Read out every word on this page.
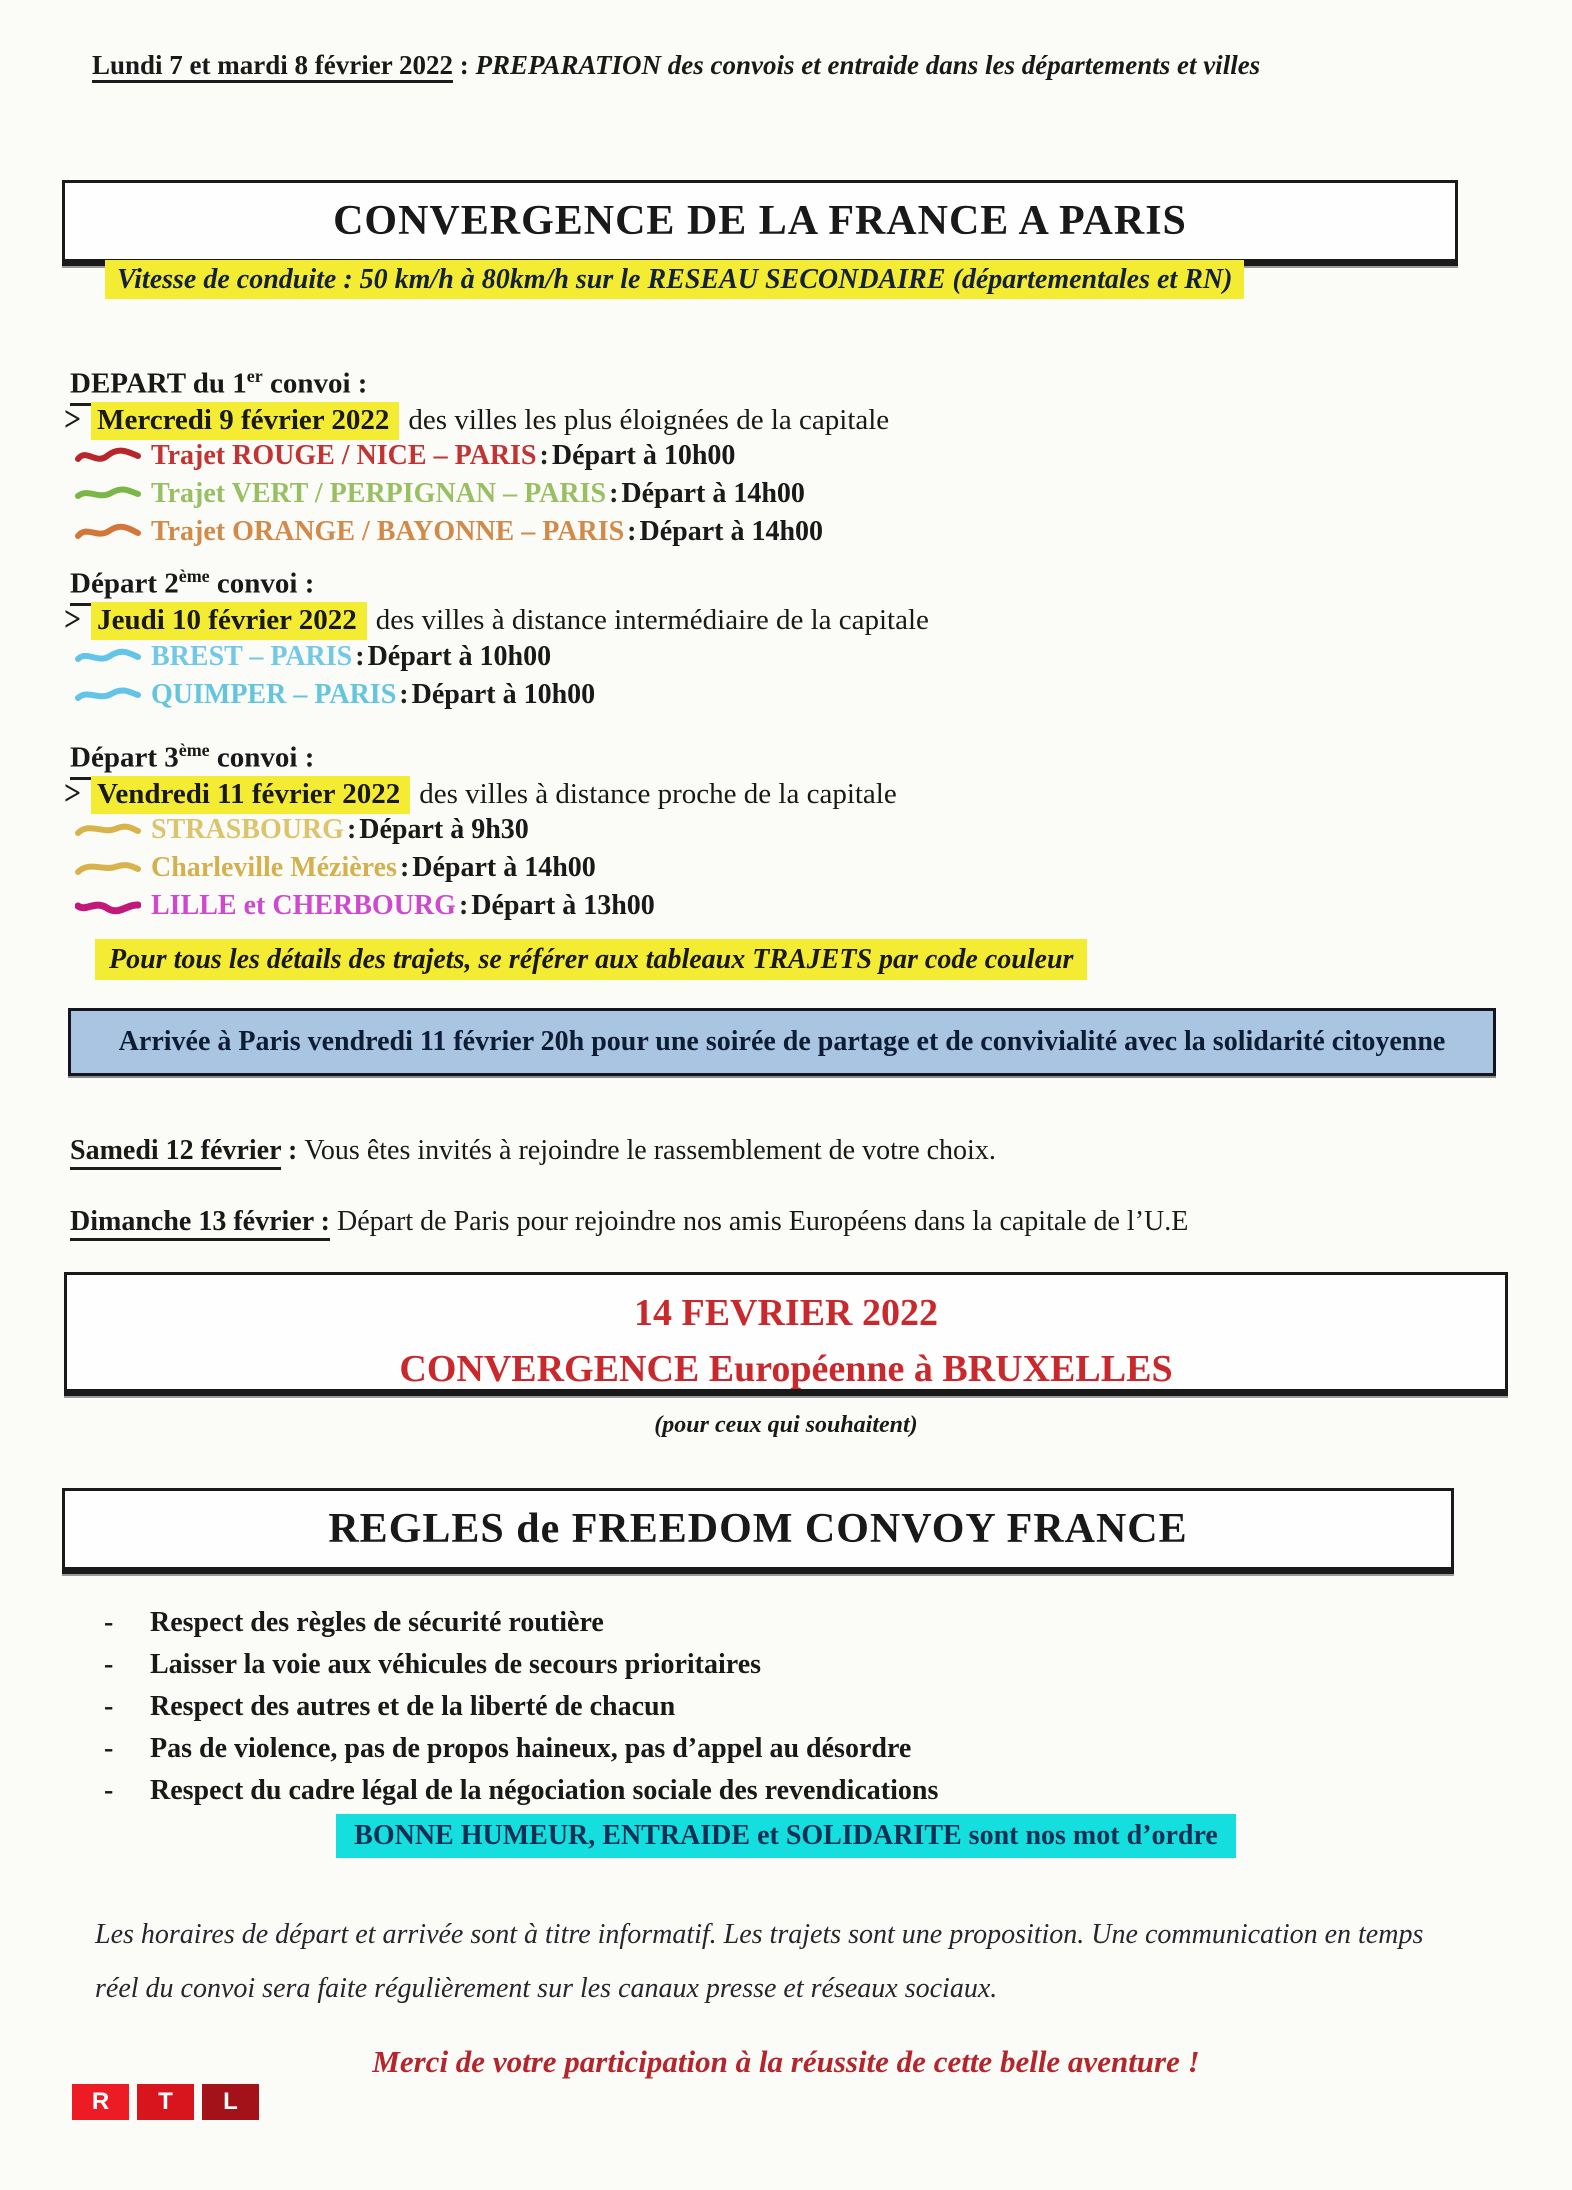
Lundi 7 et mardi 8 février 2022 : PREPARATION des convois et entraide dans les départements et villes
CONVERGENCE DE LA FRANCE A PARIS
Vitesse de conduite : 50 km/h à 80km/h sur le RESEAU SECONDAIRE (départementales et RN)
DEPART du 1er convoi :
> Mercredi 9 février 2022 des villes les plus éloignées de la capitale
Trajet ROUGE / NICE – PARIS : Départ à 10h00
Trajet VERT / PERPIGNAN – PARIS : Départ à 14h00
Trajet ORANGE / BAYONNE – PARIS : Départ à 14h00
Départ 2ème convoi :
> Jeudi 10 février 2022 des villes à distance intermédiaire de la capitale
BREST – PARIS : Départ à 10h00
QUIMPER – PARIS : Départ à 10h00
Départ 3ème convoi :
> Vendredi 11 février 2022 des villes à distance proche de la capitale
STRASBOURG : Départ à 9h30
Charleville Mézières : Départ à 14h00
LILLE et CHERBOURG : Départ à 13h00
Pour tous les détails des trajets, se référer aux tableaux TRAJETS par code couleur
Arrivée à Paris vendredi 11 février 20h pour une soirée de partage et de convivialité avec la solidarité citoyenne
Samedi 12 février : Vous êtes invités à rejoindre le rassemblement de votre choix.
Dimanche 13 février : Départ de Paris pour rejoindre nos amis Européens dans la capitale de l’U.E
14 FEVRIER 2022
CONVERGENCE Européenne à BRUXELLES
(pour ceux qui souhaitent)
REGLES de FREEDOM CONVOY FRANCE
-	Respect des règles de sécurité routière
-	Laisser la voie aux véhicules de secours prioritaires
-	Respect des autres et de la liberté de chacun
-	Pas de violence, pas de propos haineux, pas d’appel au désordre
-	Respect du cadre légal de la négociation sociale des revendications
BONNE HUMEUR, ENTRAIDE et SOLIDARITE sont nos mot d’ordre
Les horaires de départ et arrivée sont à titre informatif. Les trajets sont une proposition. Une communication en temps réel du convoi sera faite régulièrement sur les canaux presse et réseaux sociaux.
Merci de votre participation à la réussite de cette belle aventure !
R	T	L
